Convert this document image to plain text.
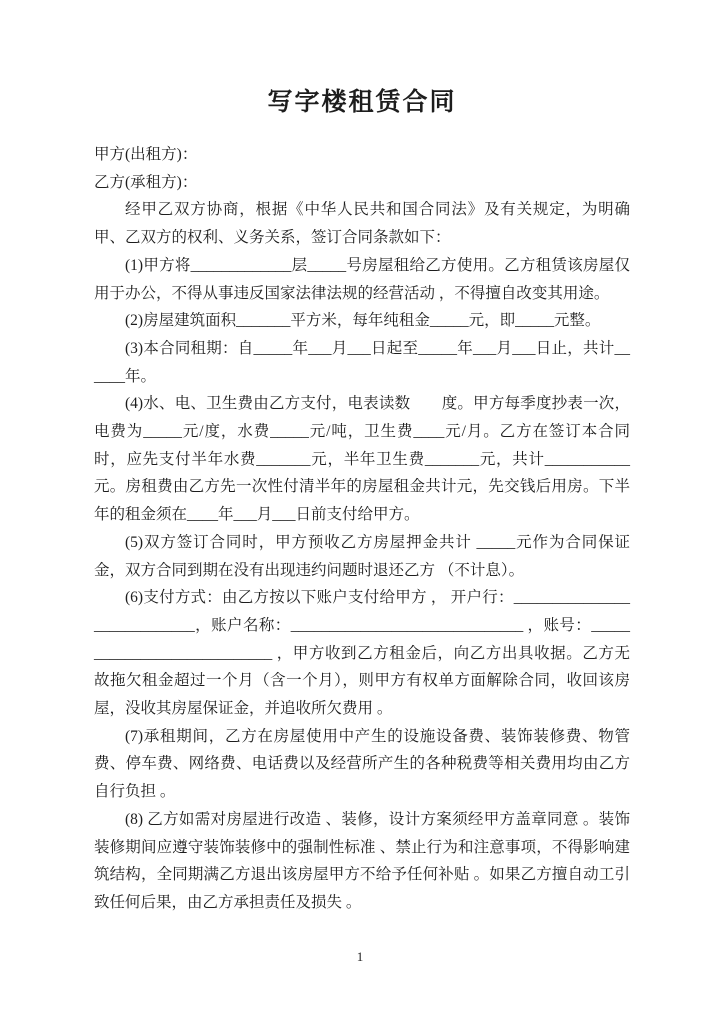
写字楼租赁合同

甲方(出租方)：

乙方(承租方)：

经甲乙双方协商，根据《中华人民共和国合同法》及有关规定，为明确甲、乙双方的权利、义务关系，签订合同条款如下：

(1)甲方将_____________层_____号房屋租给乙方使用。乙方租赁该房屋仅用于办公，不得从事违反国家法律法规的经营活动 ，不得擅自改变其用途。

(2)房屋建筑面积_______平方米，每年纯租金_____元，即_____元整。

(3)本合同租期：自_____年___月___日起至_____年___月___日止，共计______年。

(4)水、电、卫生费由乙方支付，电表读数　　度。甲方每季度抄表一次，电费为_____元/度，水费_____元/吨，卫生费____元/月。乙方在签订本合同时，应先支付半年水费_______元，半年卫生费_______元，共计___________元。房租费由乙方先一次性付清半年的房屋租金共计元，先交钱后用房。下半年的租金须在____年___月___日前支付给甲方。

(5)双方签订合同时，甲方预收乙方房屋押金共计 _____元作为合同保证金，双方合同到期在没有出现违约问题时退还乙方 （不计息）。

(6)支付方式：由乙方按以下账户支付给甲方 ， 开户行：____________________________，账户名称：______________________________ ，账号：____________________________ ，甲方收到乙方租金后，向乙方出具收据。乙方无故拖欠租金超过一个月（含一个月），则甲方有权单方面解除合同，收回该房屋，没收其房屋保证金，并追收所欠费用 。

(7)承租期间，乙方在房屋使用中产生的设施设备费、装饰装修费、物管费、停车费、网络费、电话费以及经营所产生的各种税费等相关费用均由乙方自行负担 。

(8) 乙方如需对房屋进行改造 、装修，设计方案须经甲方盖章同意 。装饰装修期间应遵守装饰装修中的强制性标准 、禁止行为和注意事项，不得影响建筑结构，全同期满乙方退出该房屋甲方不给予任何补贴 。如果乙方擅自动工引致任何后果，由乙方承担责任及损失 。

1
